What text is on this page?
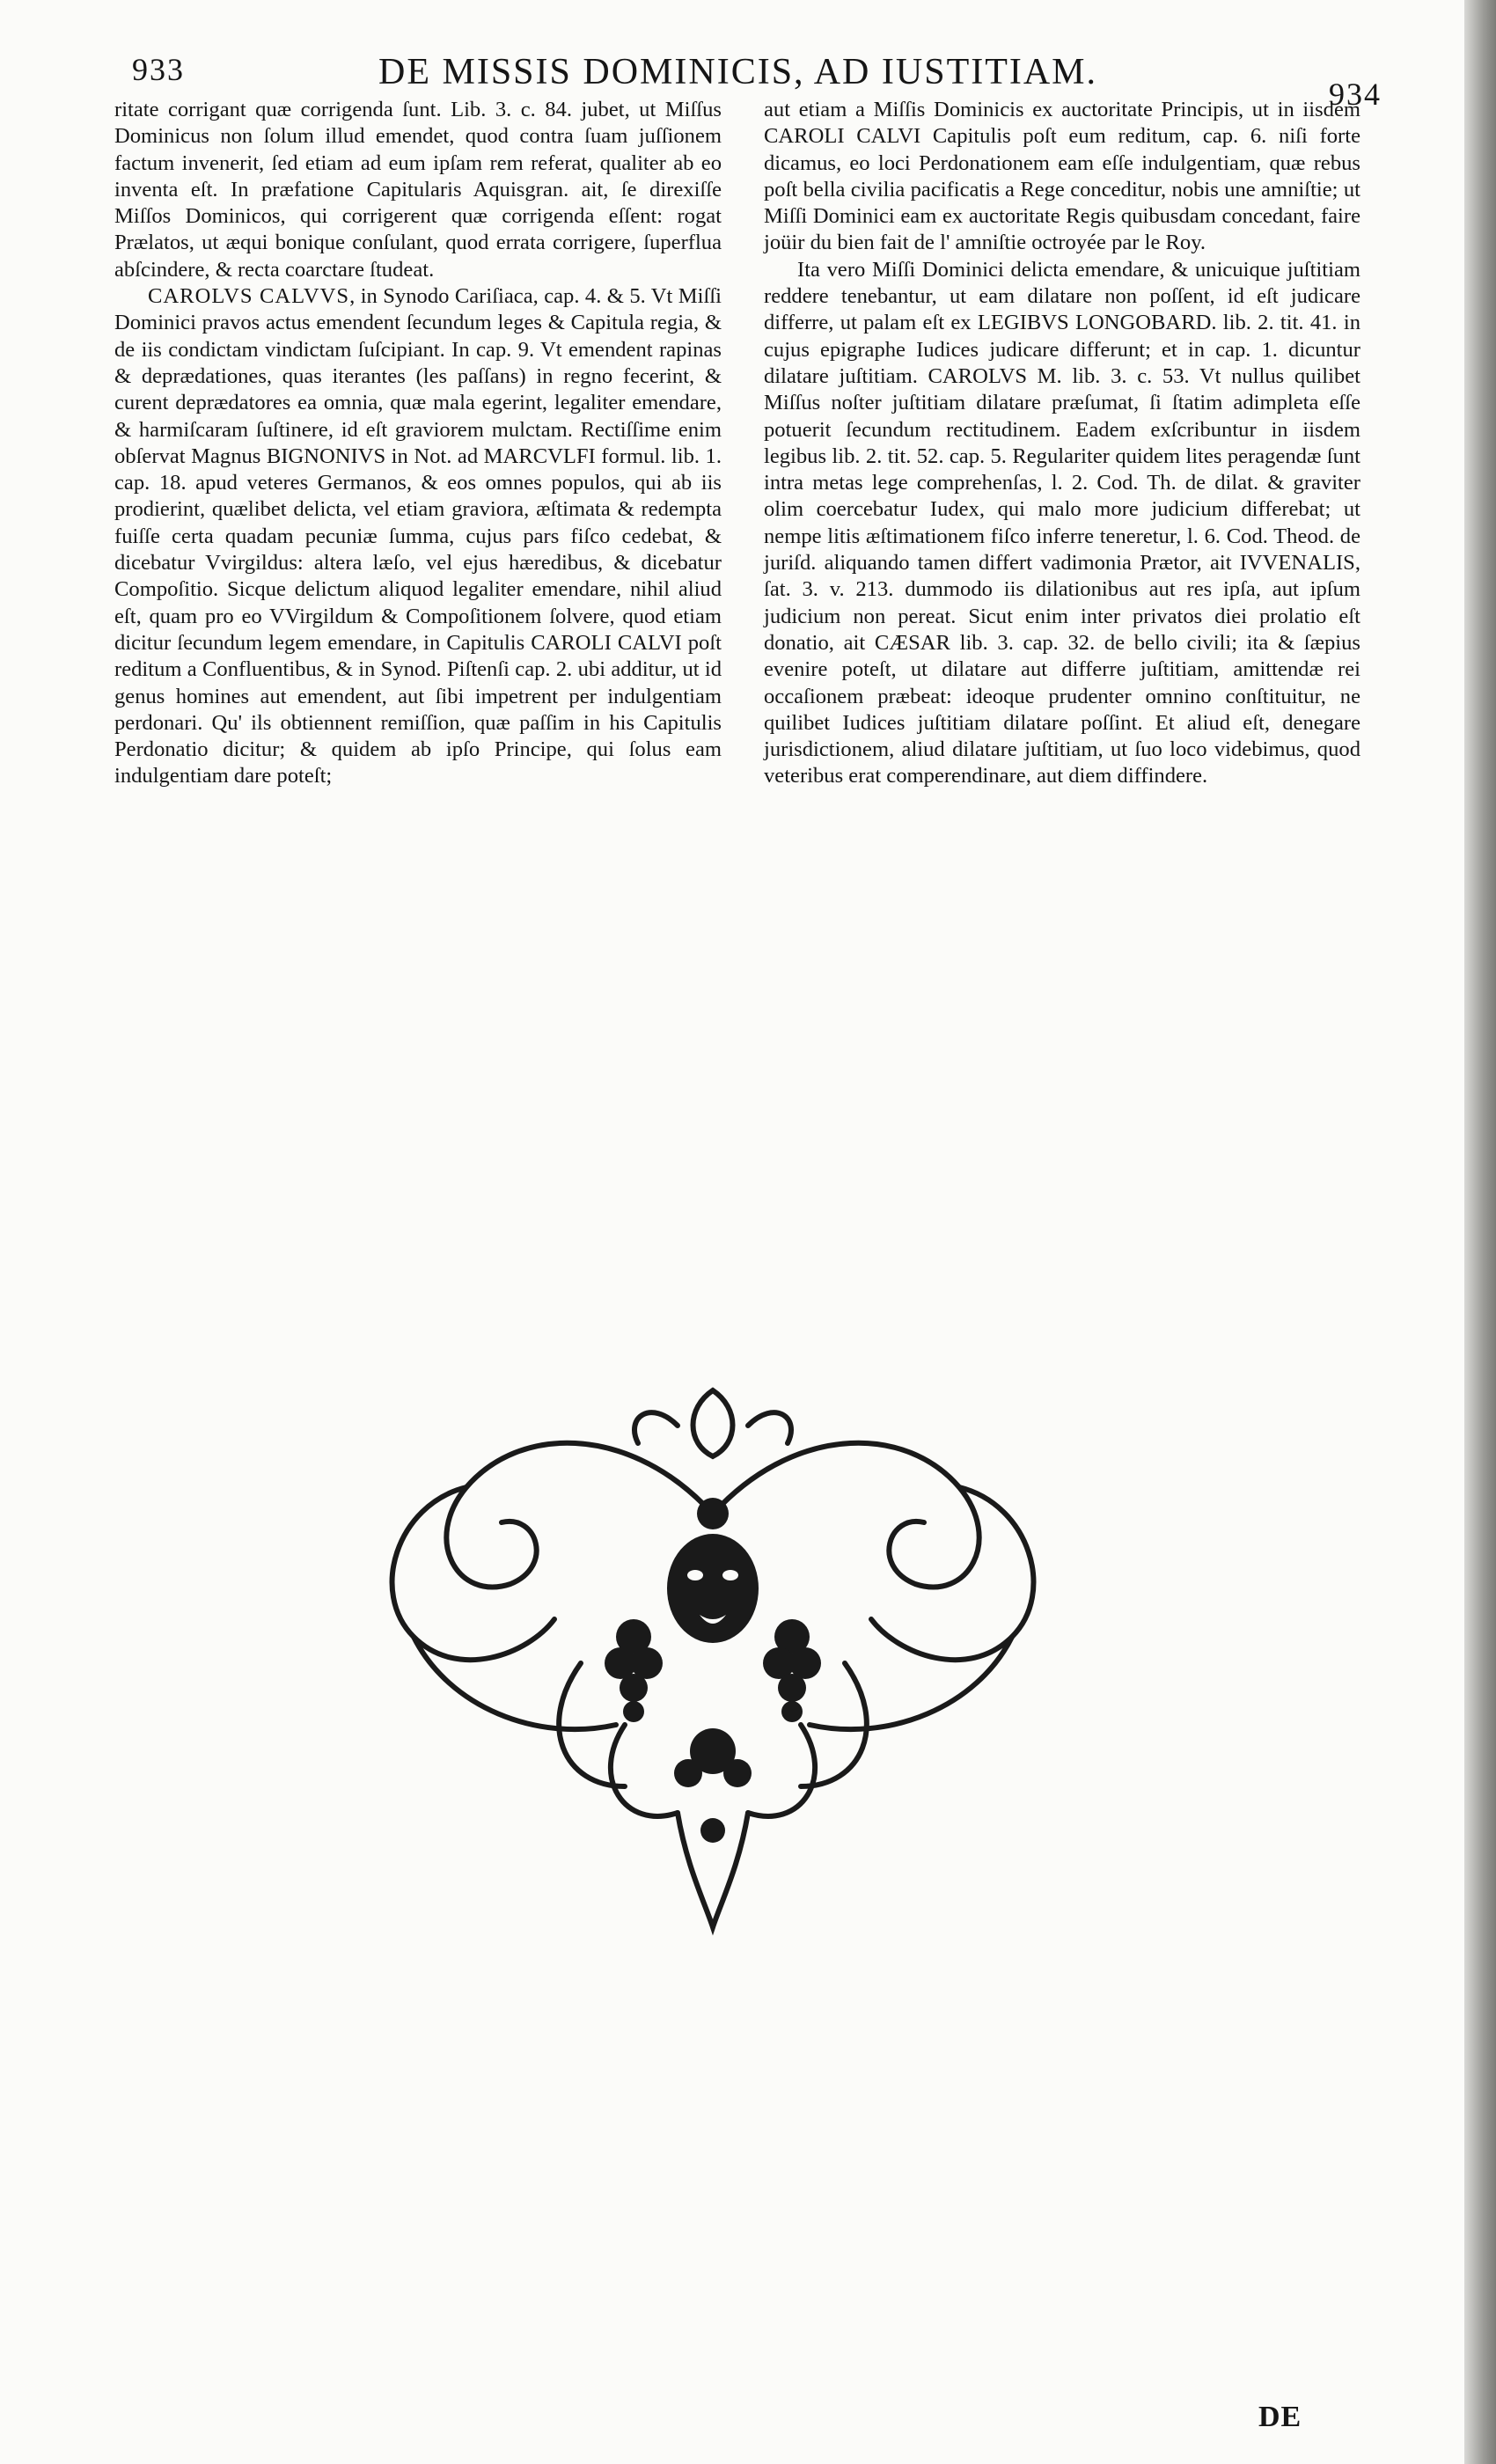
933	DE MISSIS DOMINICIS, AD IUSTITIAM.
934

ritate corrigant quæ corrigenda ſunt. Lib. 3. c. 84. jubet, ut Miſſus Dominicus non ſolum illud emendet, quod contra ſuam juſſionem factum invenerit, ſed etiam ad eum ipſam rem referat, qualiter ab eo inventa eſt. In præfatione Capitularis Aquisgran. ait, ſe direxiſſe Miſſos Dominicos, qui corrigerent quæ corrigenda eſſent: rogat Prælatos, ut æqui bonique conſulant, quod errata corrigere, ſuperflua abſcindere, & recta coarctare ſtudeat.

CAROLVS CALVVS, in Synodo Cariſiaca, cap. 4. & 5. Vt Miſſi Dominici pravos actus emendent ſecundum leges & Capitula regia, & de iis condictam vindictam ſuſcipiant. In cap. 9. Vt emendent rapinas & deprædationes, quas iterantes (les paſſans) in regno fecerint, & curent deprædatores ea omnia, quæ mala egerint, legaliter emendare, & harmiſcaram ſuſtinere, id eſt graviorem mulctam. Rectiſſime enim obſervat Magnus BIGNONIVS in Not. ad MARCVLFI formul. lib. 1. cap. 18. apud veteres Germanos, & eos omnes populos, qui ab iis prodierint, quælibet delicta, vel etiam graviora, æſtimata & redempta fuiſſe certa quadam pecuniæ ſumma, cujus pars fiſco cedebat, & dicebatur Vvirgildus: altera læſo, vel ejus hæredibus, & dicebatur Compoſitio. Sicque delictum aliquod legaliter emendare, nihil aliud eſt, quam pro eo VVirgildum & Compoſitionem ſolvere, quod etiam dicitur ſecundum legem emendare, in Capitulis CAROLI CALVI poſt reditum a Confluentibus, & in Synod. Piſtenſi cap. 2. ubi additur, ut id genus homines aut emendent, aut ſibi impetrent per indulgentiam perdonari. Qu' ils obtiennent remiſſion, quæ paſſim in his Capitulis Perdonatio dicitur; & quidem ab ipſo Principe, qui ſolus eam indulgentiam dare poteſt;

aut etiam a Miſſis Dominicis ex auctoritate Principis, ut in iisdem CAROLI CALVI Capitulis poſt eum reditum, cap. 6. niſi forte dicamus, eo loci Perdonationem eam eſſe indulgentiam, quæ rebus poſt bella civilia pacificatis a Rege conceditur, nobis une amniſtie; ut Miſſi Dominici eam ex auctoritate Regis quibusdam concedant, faire joüir du bien fait de l' amniſtie octroyée par le Roy.

Ita vero Miſſi Dominici delicta emendare, & unicuique juſtitiam reddere tenebantur, ut eam dilatare non poſſent, id eſt judicare differre, ut palam eſt ex LEGIBVS LONGOBARD. lib. 2. tit. 41. in cujus epigraphe Iudices judicare differunt; et in cap. 1. dicuntur dilatare juſtitiam. CAROLVS M. lib. 3. c. 53. Vt nullus quilibet Miſſus noſter juſtitiam dilatare præſumat, ſi ſtatim adimpleta eſſe potuerit ſecundum rectitudinem. Eadem exſcribuntur in iisdem legibus lib. 2. tit. 52. cap. 5. Regulariter quidem lites peragendæ ſunt intra metas lege comprehenſas, l. 2. Cod. Th. de dilat. & graviter olim coercebatur Iudex, qui malo more judicium differebat; ut nempe litis æſtimationem fiſco inferre teneretur, l. 6. Cod. Theod. de juriſd. aliquando tamen differt vadimonia Prætor, ait IVVENALIS, ſat. 3. v. 213. dummodo iis dilationibus aut res ipſa, aut ipſum judicium non pereat. Sicut enim inter privatos diei prolatio eſt donatio, ait CÆSAR lib. 3. cap. 32. de bello civili; ita & ſæpius evenire poteſt, ut dilatare aut differre juſtitiam, amittendæ rei occaſionem præbeat: ideoque prudenter omnino conſtituitur, ne quilibet Iudices juſtitiam dilatare poſſint. Et aliud eſt, denegare jurisdictionem, aliud dilatare juſtitiam, ut ſuo loco videbimus, quod veteribus erat comperendinare, aut diem diffindere.

DE
